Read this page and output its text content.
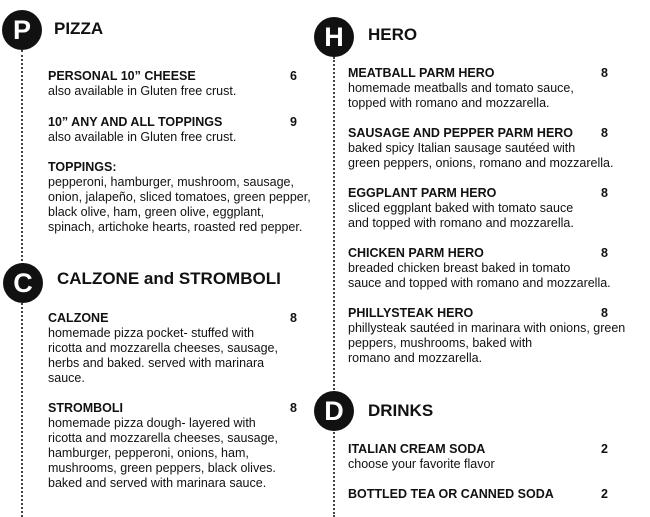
P	PIZZA
C	CALZONE and STROMBOLI
H	HERO
D	DRINKS
PERSONAL 10” CHEESE	6
also available in Gluten free crust.
10” ANY AND ALL TOPPINGS	9
also available in Gluten free crust.
TOPPINGS:
pepperoni, hamburger, mushroom, sausage,
onion, jalapeño, sliced tomatoes, green pepper,
black olive, ham, green olive, eggplant,
spinach, artichoke hearts, roasted red pepper.
CALZONE	8
homemade pizza pocket- stuffed with
ricotta and mozzarella cheeses, sausage,
herbs and baked. served with marinara
sauce.
STROMBOLI	8
homemade pizza dough- layered with
ricotta and mozzarella cheeses, sausage,
hamburger, pepperoni, onions, ham,
mushrooms, green peppers, black olives.
baked and served with marinara sauce.
MEATBALL PARM HERO	8
homemade meatballs and tomato sauce,
topped with romano and mozzarella.
SAUSAGE AND PEPPER PARM HERO	8
baked spicy Italian sausage sautéed with
green peppers, onions, romano and mozzarella.
EGGPLANT PARM HERO	8
sliced eggplant baked with tomato sauce
and topped with romano and mozzarella.
CHICKEN PARM HERO	8
breaded chicken breast baked in tomato
sauce and topped with romano and mozzarella.
PHILLYSTEAK HERO	8
phillysteak sautéed in marinara with onions, green
peppers, mushrooms, baked with
romano and mozzarella.
ITALIAN CREAM SODA	2
choose your favorite flavor
BOTTLED TEA OR CANNED SODA	2
